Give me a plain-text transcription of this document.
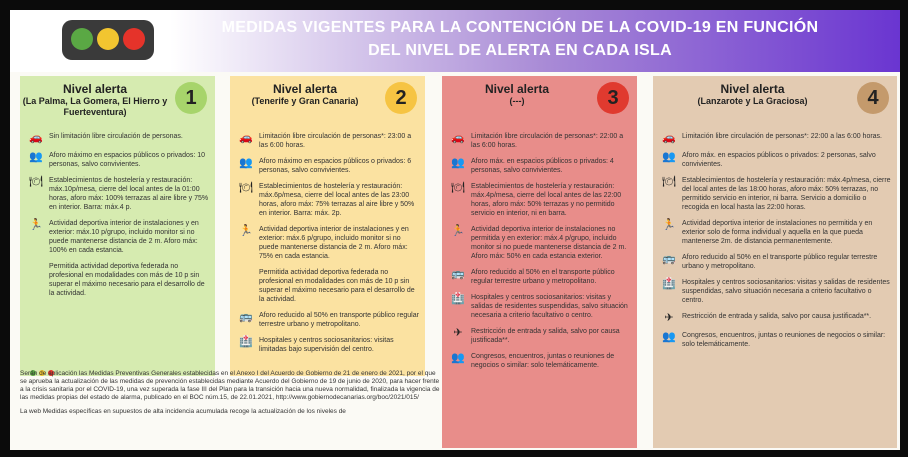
MEDIDAS VIGENTES PARA LA CONTENCIÓN DE LA COVID-19 EN FUNCIÓN
DEL NIVEL DE ALERTA EN CADA ISLA
Nivel alerta
(La Palma, La Gomera, El Hierro y Fuerteventura)
1
🚗 Sin limitación libre circulación de personas.
👥 Aforo máximo en espacios públicos o privados: 10 personas, salvo convivientes.
🍽 Establecimientos de hostelería y restauración: máx.10p/mesa, cierre del local antes de la 01:00 horas, aforo máx: 100% terrazas al aire libre y 75% en interior. Barra: máx.4 p.
🏃 Actividad deportiva interior de instalaciones y en exterior: máx.10 p/grupo, incluido monitor si no puede mantenerse distancia de 2 m. Aforo máx: 100% en cada estancia.
Permitida actividad deportiva federada no profesional en modalidades con más de 10 p sin superar el máximo necesario para el desarrollo de la actividad.
Nivel alerta
(Tenerife y Gran Canaria)	2
🚗 Limitación libre circulación de personas*: 23:00 a las 6:00 horas.
👥 Aforo máximo en espacios públicos o privados: 6 personas, salvo convivientes.
🍽 Establecimientos de hostelería y restauración: máx.6p/mesa, cierre del local antes de las 23:00 horas, aforo máx: 75% terrazas al aire libre y 50% en interior. Barra: máx. 2p.
🏃 Actividad deportiva interior de instalaciones y en exterior: máx.6 p/grupo, incluido monitor si no puede mantenerse distancia de 2 m. Aforo máx: 75% en cada estancia.
Permitida actividad deportiva federada no profesional en modalidades con más de 10 p sin superar el máximo necesario para el desarrollo de la actividad.
🚌 Aforo reducido al 50% en transporte público regular terrestre urbano y metropolitano.
🏥 Hospitales y centros sociosanitarios: visitas limitadas bajo supervisión del centro.
Nivel alerta
(---)	3
🚗 Limitación libre circulación de personas*: 22:00 a las 6:00 horas.
👥 Aforo máx. en espacios públicos o privados: 4 personas, salvo convivientes.
🍽 Establecimientos de hostelería y restauración: máx.4p/mesa, cierre del local antes de las 22:00 horas, aforo máx: 50% terrazas y no permitido servicio en interior, ni en barra.
🏃 Actividad deportiva interior de instalaciones no permitida y en exterior: máx.4 p/grupo, incluido monitor si no puede mantenerse distancia de 2 m. Aforo máx: 50% en cada estancia exterior.
🚌 Aforo reducido al 50% en el transporte público regular terrestre urbano y metropolitano.
🏥 Hospitales y centros sociosanitarios: visitas y salidas de residentes suspendidas, salvo situación necesaria a criterio facultativo o centro.
✈	Restricción de entrada y salida, salvo por causa justificada**.
👥 Congresos, encuentros, juntas o reuniones de negocios o similar: solo telemáticamente.
Nivel alerta
(Lanzarote y La Graciosa)	4
🚗 Limitación libre circulación de personas*: 22:00 a las 6:00 horas.
👥 Aforo máx. en espacios públicos o privados: 2 personas, salvo convivientes.
🍽 Establecimientos de hostelería y restauración: máx.4p/mesa, cierre del local antes de las 18:00 horas, aforo máx: 50% terrazas, no permitido servicio en interior, ni barra. Servicio a domicilio o recogida en local hasta las 22:00 horas.
🏃 Actividad deportiva interior de instalaciones no permitida y en exterior solo de forma individual y aquella en la que pueda mantenerse 2m. de distancia permanentemente.
🚌 Aforo reducido al 50% en el transporte público regular terrestre urbano y metropolitano.
🏥 Hospitales y centros sociosanitarios: visitas y salidas de residentes suspendidas, salvo situación necesaria a criterio facultativo o centro.
✈	Restricción de entrada y salida, salvo por causa justificada**.
👥 Congresos, encuentros, juntas o reuniones de negocios o similar: solo telemáticamente.
Serán de aplicación las Medidas Preventivas Generales establecidas en el Anexo I del Acuerdo de Gobierno de 21 de enero de 2021, por el que se aprueba la actualización de las medidas de prevención establecidas mediante Acuerdo del Gobierno de 19 de junio de 2020, para hacer frente a la crisis sanitaria por el COVID-19, una vez superada la fase III del Plan para la transición hacia una nueva normalidad, finalizada la vigencia de las medidas propias del estado de alarma, publicado en el BOC núm.15, de 22.01.2021, http://www.gobiernodecanarias.org/boc/2021/015/
La web Medidas específicas en supuestos de alta incidencia acumulada recoge la actualización de los niveles de
